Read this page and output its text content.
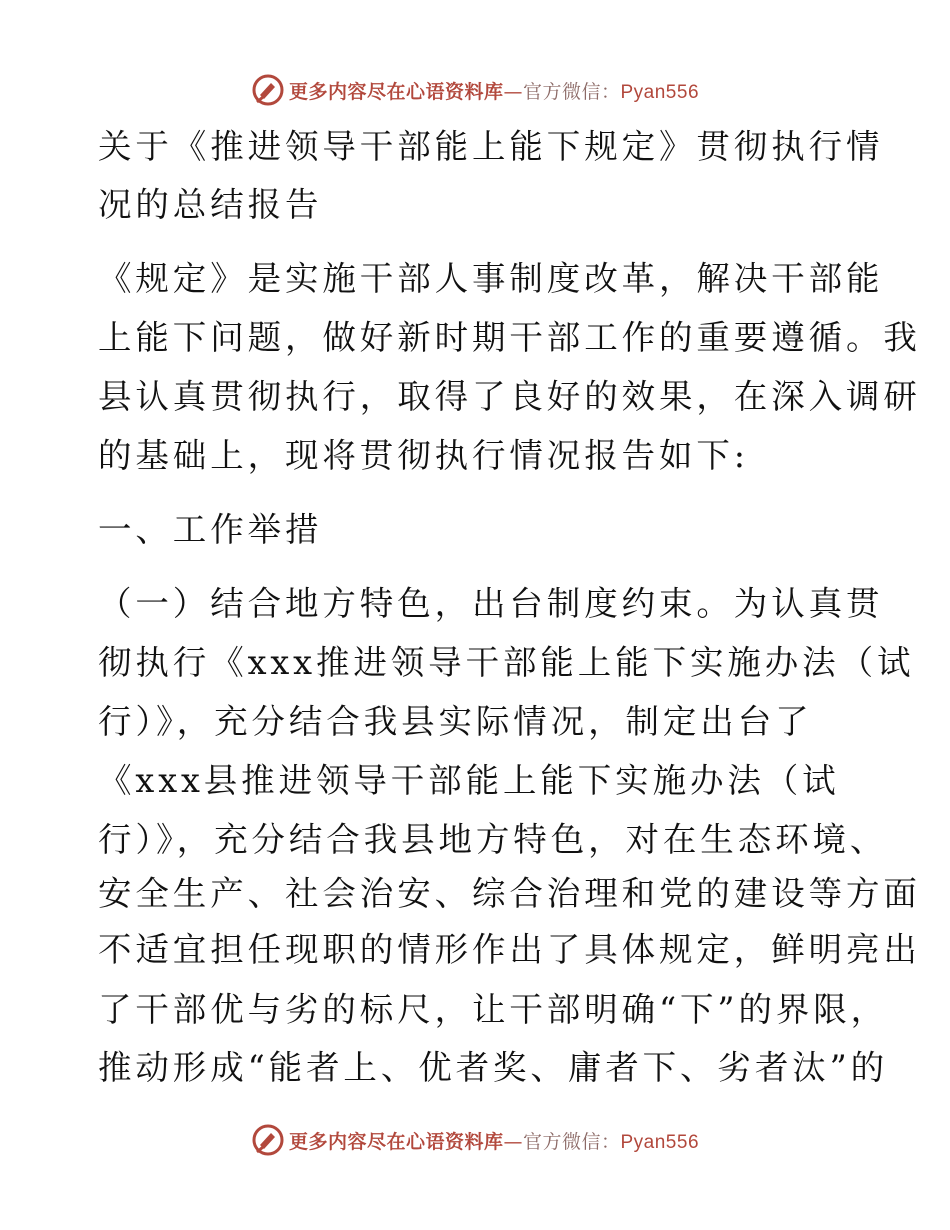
更多内容尽在心语资料库—官方微信：Pyan556
关于《推进领导干部能上能下规定》贯彻执行情
况的总结报告
《规定》是实施干部人事制度改革，解决干部能
上能下问题，做好新时期干部工作的重要遵循。我
县认真贯彻执行，取得了良好的效果，在深入调研
的基础上，现将贯彻执行情况报告如下:
一、工作举措
（一）结合地方特色，出台制度约束。为认真贯
彻执行《xxx推进领导干部能上能下实施办法（试
行）》，充分结合我县实际情况，制定出台了
《xxx县推进领导干部能上能下实施办法（试
行）》，充分结合我县地方特色，对在生态环境、
安全生产、社会治安、综合治理和党的建设等方面
不适宜担任现职的情形作出了具体规定，鲜明亮出
了干部优与劣的标尺，让干部明确“下”的界限，
推动形成“能者上、优者奖、庸者下、劣者汰”的
更多内容尽在心语资料库—官方微信：Pyan556
